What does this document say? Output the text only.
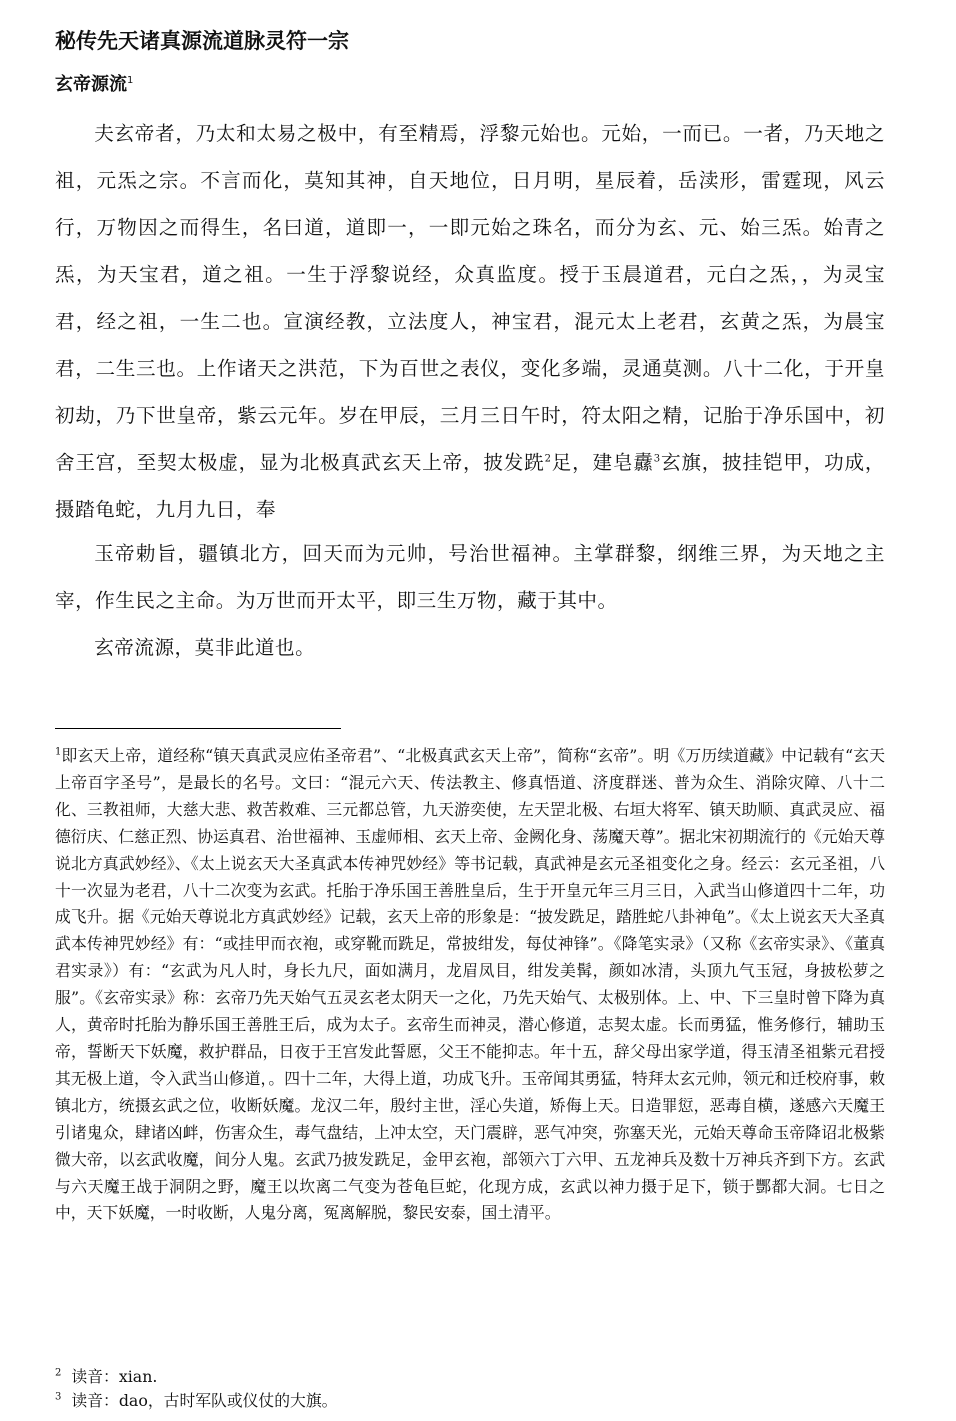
秘传先天诸真源流道脉灵符一宗
玄帝源流$^1$

夫玄帝者，乃太和太易之极中，有至精焉，浮黎元始也。元始，一而已。一者，乃天地之祖，元炁之宗。不言而化，莫知其神，自天地位，日月明，星辰着，岳渎形，雷霆现，风云行，万物因之而得生，名曰道，道即一，一即元始之珠名，而分为玄、元、始三炁。始青之炁，为天宝君，道之祖。一生于浮黎说经，众真监度。授于玉晨道君，元白之炁，，为灵宝君，经之祖，一生二也。宣演经教，立法度人，神宝君，混元太上老君，玄黄之炁，为晨宝君，二生三也。上作诸天之洪范，下为百世之表仪，变化多端，灵通莫测。八十二化，于开皇初劫，乃下世皇帝，紫云元年。岁在甲辰，三月三日午时，符太阳之精，记胎于净乐国中，初舍王宫，至契太极虚，显为北极真武玄天上帝，披发跣$^2$足，建皂纛$^3$玄旗，披挂铠甲，功成，摄踏龟蛇，九月九日，奉

玉帝勅旨，疆镇北方，回天而为元帅，号治世福神。主掌群黎，纲维三界，为天地之主宰，作生民之主命。为万世而开太平，即三生万物，藏于其中。

玄帝流源，莫非此道也。

$^1$即玄天上帝，道经称“镇天真武灵应佑圣帝君”、“北极真武玄天上帝”，简称“玄帝”。明《万历续道藏》中记载有“玄天上帝百字圣号”，是最长的名号。文曰：“混元六天、传法教主、修真悟道、济度群迷、普为众生、消除灾障、八十二化、三教祖师，大慈大悲、救苦救难、三元都总管，九天游奕使，左天罡北极、右垣大将军、镇天助顺、真武灵应、福德衍庆、仁慈正烈、协运真君、治世福神、玉虚师相、玄天上帝、金阙化身、荡魔天尊”。据北宋初期流行的《元始天尊说北方真武妙经》、《太上说玄天大圣真武本传神咒妙经》等书记载，真武神是玄元圣祖变化之身。经云：玄元圣祖，八十一次显为老君，八十二次变为玄武。托胎于净乐国王善胜皇后，生于开皇元年三月三日，入武当山修道四十二年，功成飞升。据《元始天尊说北方真武妙经》记载，玄天上帝的形象是：“披发跣足，踏胜蛇八卦神龟”。《太上说玄天大圣真武本传神咒妙经》有：“或挂甲而衣袍，或穿靴而跣足，常披绀发，每仗神锋”。《降笔实录》（又称《玄帝实录》、《董真君实录》）有：“玄武为凡人时，身长九尺，面如满月，龙眉凤目，绀发美髯，颜如冰清，头顶九气玉冠，身披松萝之服”。《玄帝实录》称：玄帝乃先天始气五灵玄老太阴天一之化，乃先天始气、太极别体。上、中、下三皇时曾下降为真人，黄帝时托胎为静乐国王善胜王后，成为太子。玄帝生而神灵，潜心修道，志契太虚。长而勇猛，惟务修行，辅助玉帝，誓断天下妖魔，救护群品，日夜于王宫发此誓愿，父王不能抑志。年十五，辞父母出家学道，得玉清圣祖紫元君授其无极上道，令入武当山修道，。四十二年，大得上道，功成飞升。玉帝闻其勇猛，特拜太玄元帅，领元和迁校府事，敕镇北方，统摄玄武之位，收断妖魔。龙汉二年，殷纣主世，淫心失道，矫侮上天。日造罪愆，恶毒自横，遂感六天魔王引诸鬼众，肆诸凶衅，伤害众生，毒气盘结，上冲太空，天门震辟，恶气冲突，弥塞天光，元始天尊命玉帝降诏北极紫微大帝，以玄武收魔，间分人鬼。玄武乃披发跣足，金甲玄袍，部领六丁六甲、五龙神兵及数十万神兵齐到下方。玄武与六天魔王战于洞阴之野，魔王以坎离二气变为苍龟巨蛇，化现方成，玄武以神力摄于足下，锁于酆都大洞。七日之中，天下妖魔，一时收断，人鬼分离，冤离解脱，黎民安泰，国土清平。

$^2$ 读音：xian.

$^3$ 读音：dao，古时军队或仪仗的大旗。
